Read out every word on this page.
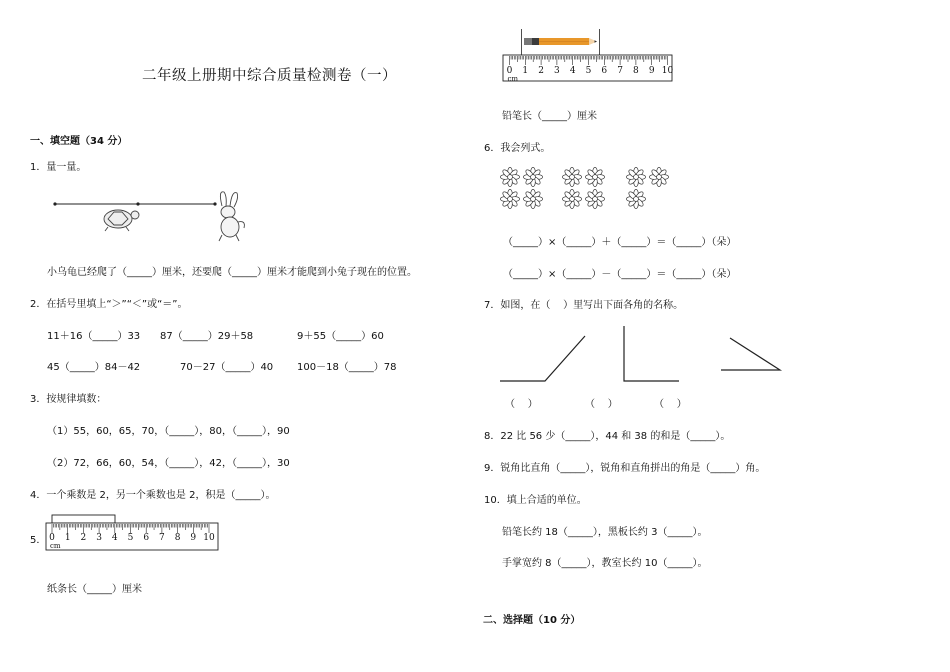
二年级上册期中综合质量检测卷（一）
一、填空题（34 分）
二、选择题（10 分）
1．量一量。
小乌龟已经爬了（_____）厘米，还要爬（_____）厘米才能爬到小兔子现在的位置。
2．在括号里填上“＞”“＜”或“＝”。
11＋16（_____）33 87（_____）29＋58	9＋55（_____）60
45（_____）84－42	70－27（_____）40 100－18（_____）78
3．按规律填数：
（1）55，60，65，70，（_____），80，（_____），90
（2）72，66，60，54，（_____），42，（_____），30
4．一个乘数是 2，另一个乘数也是 2，积是（_____）。
5． 0 1 2 3 4 5 6 7 8 9 10
cm
纸条长（_____）厘米
0 1 2 3 4 5 6 7 8 9 10
cm
铅笔长（_____）厘米
6．我会列式。
（_____）×（_____）＋（_____）＝（_____）（朵）
（_____）×（_____）－（_____）＝（_____）（朵）
7．如图，在（    ）里写出下面各角的名称。
（    ）	（    ）	（    ）
8．22 比 56 少（_____），44 和 38 的和是（_____）。
9．锐角比直角（_____），锐角和直角拼出的角是（_____）角。
10．填上合适的单位。
铅笔长约 18（_____），黑板长约 3（_____）。
手掌宽约 8（_____），教室长约 10（_____）。
